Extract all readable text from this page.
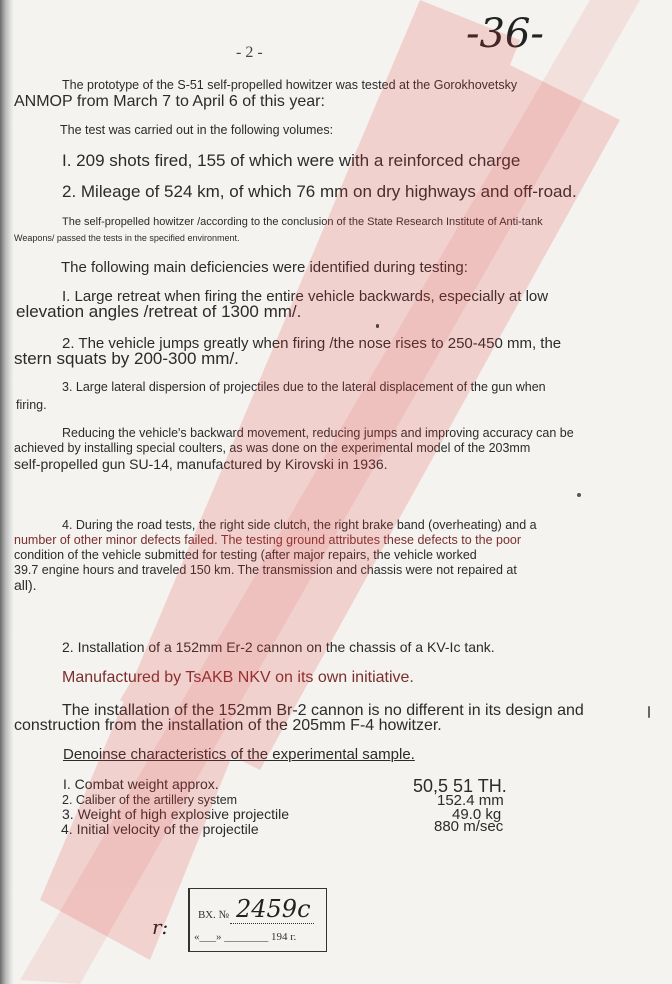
- 2 -	-36-
The prototype of the S-51 self-propelled howitzer was tested at the Gorokhovetsky
ANMOP from March 7 to April 6 of this year:
The test was carried out in the following volumes:
I. 209 shots fired, 155 of which were with a reinforced charge
2. Mileage of 524 km, of which 76 mm on dry highways and off-road.
The self-propelled howitzer /according to the conclusion of the State Research Institute of Anti-tank
Weapons/ passed the tests in the specified environment.
The following main deficiencies were identified during testing:
I. Large retreat when firing the entire vehicle backwards, especially at low
elevation angles /retreat of 1300 mm/.
2. The vehicle jumps greatly when firing /the nose rises to 250-450 mm, the
stern squats by 200-300 mm/.
3. Large lateral dispersion of projectiles due to the lateral displacement of the gun when
firing.
Reducing the vehicle's backward movement, reducing jumps and improving accuracy can be
achieved by installing special coulters, as was done on the experimental model of the 203mm
self-propelled gun SU-14, manufactured by Kirovski in 1936.
4. During the road tests, the right side clutch, the right brake band (overheating) and a
number of other minor defects failed. The testing ground attributes these defects to the poor
condition of the vehicle submitted for testing (after major repairs, the vehicle worked
39.7 engine hours and traveled 150 km. The transmission and chassis were not repaired at
all).
2. Installation of a 152mm Er-2 cannon on the chassis of a KV-Ic tank.
Manufactured by TsAKB NKV on its own initiative.
The installation of the 152mm Br-2 cannon is no different in its design and
construction from the installation of the 205mm F-4 howitzer.
Denoinse characteristics of the experimental sample.
I. Combat weight approx.
2. Caliber of the artillery system
3. Weight of high explosive projectile
4. Initial velocity of the projectile
50,5 51 TH.
152.4 mm
49.0 kg
880 m/sec
r:	ВХ. № 2459с
«___» ________ 194 г.
